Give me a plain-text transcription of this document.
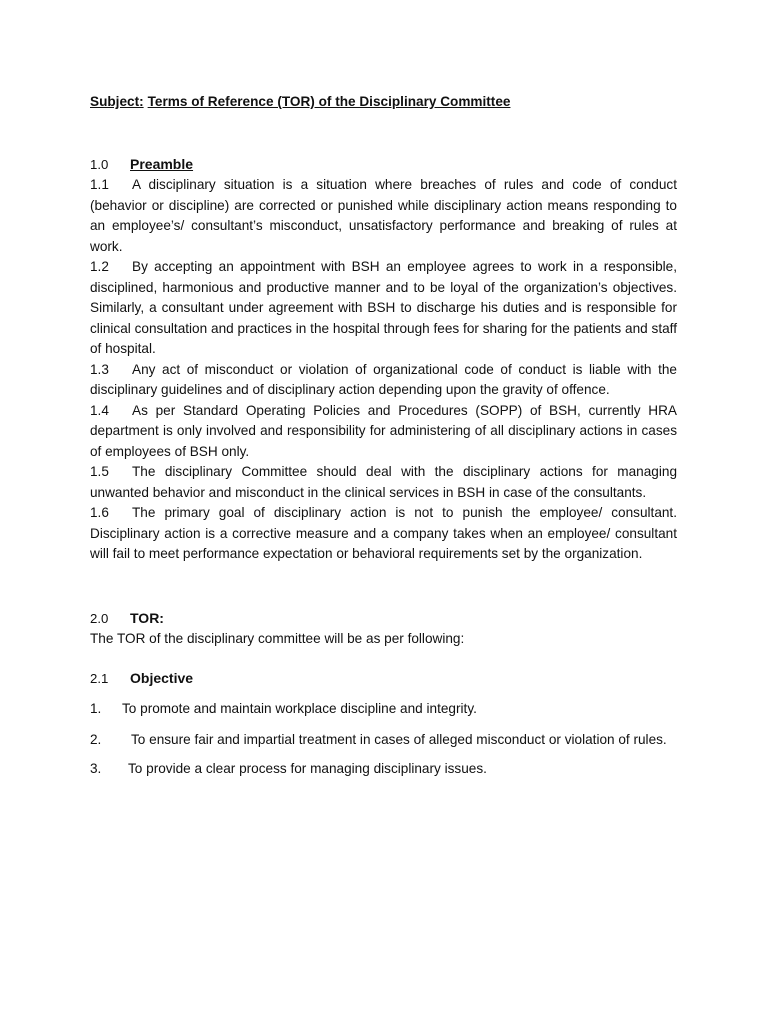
Subject: Terms of Reference (TOR) of the Disciplinary Committee

1.0	Preamble

1.1 A disciplinary situation is a situation where breaches of rules and code of conduct (behavior or discipline) are corrected or punished while disciplinary action means responding to an employee’s/ consultant’s misconduct, unsatisfactory performance and breaking of rules at work.

1.2 By accepting an appointment with BSH an employee agrees to work in a responsible, disciplined, harmonious and productive manner and to be loyal of the organization’s objectives. Similarly, a consultant under agreement with BSH to discharge his duties and is responsible for clinical consultation and practices in the hospital through fees for sharing for the patients and staff of hospital.

1.3 Any act of misconduct or violation of organizational code of conduct is liable with the disciplinary guidelines and of disciplinary action depending upon the gravity of offence.

1.4 As per Standard Operating Policies and Procedures (SOPP) of BSH, currently HRA department is only involved and responsibility for administering of all disciplinary actions in cases of employees of BSH only.

1.5 The disciplinary Committee should deal with the disciplinary actions for managing unwanted behavior and misconduct in the clinical services in BSH in case of the consultants.

1.6 The primary goal of disciplinary action is not to punish the employee/ consultant. Disciplinary action is a corrective measure and a company takes when an employee/ consultant will fail to meet performance expectation or behavioral requirements set by the organization.

2.0	TOR:

The TOR of the disciplinary committee will be as per following:

2.1	Objective

1. To promote and maintain workplace discipline and integrity.

2. To ensure fair and impartial treatment in cases of alleged misconduct or violation of rules.

3. To provide a clear process for managing disciplinary issues.
